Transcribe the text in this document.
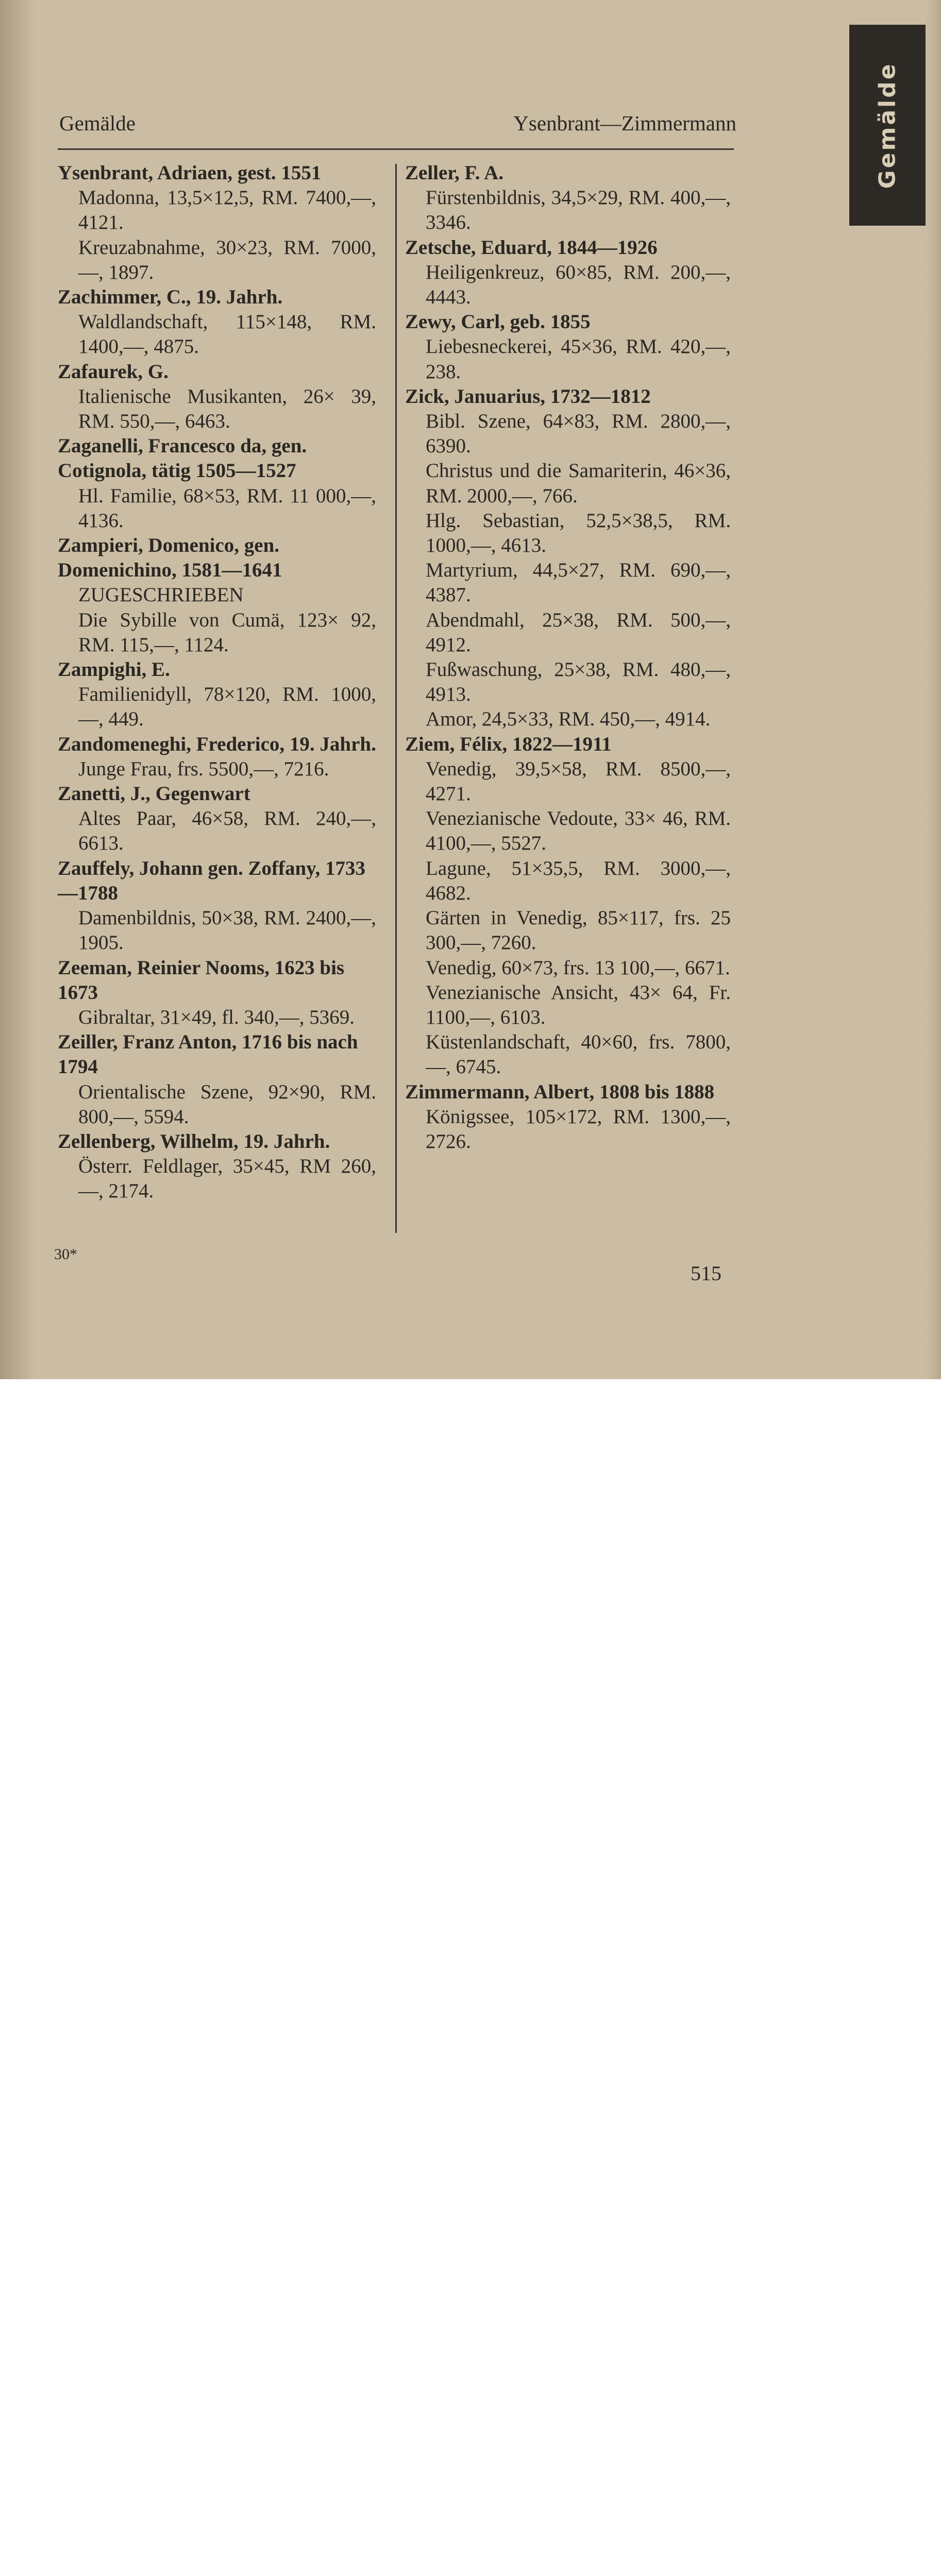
Gemälde
Gemälde	Ysenbrant—Zimmermann
Ysenbrant, Adriaen, gest. 1551
Madonna, 13,5×12,5, RM. 7400,—, 4121.
Kreuzabnahme, 30×23, RM. 7000,—, 1897.
Zachimmer, C., 19. Jahrh.
Waldlandschaft, 115×148, RM. 1400,—, 4875.
Zafaurek, G.
Italienische Musikanten, 26× 39, RM. 550,—, 6463.
Zaganelli, Francesco da, gen. Cotignola, tätig 1505—1527
Hl. Familie, 68×53, RM. 11 000,—, 4136.
Zampieri, Domenico, gen. Domenichino, 1581—1641
ZUGESCHRIEBEN
Die Sybille von Cumä, 123× 92, RM. 115,—, 1124.
Zampighi, E.
Familienidyll, 78×120, RM. 1000,—, 449.
Zandomeneghi, Frederico, 19. Jahrh.
Junge Frau, frs. 5500,—, 7216.
Zanetti, J., Gegenwart
Altes Paar, 46×58, RM. 240,—, 6613.
Zauffely, Johann gen. Zoffany, 1733—1788
Damenbildnis, 50×38, RM. 2400,—, 1905.
Zeeman, Reinier Nooms, 1623 bis 1673
Gibraltar, 31×49, fl. 340,—, 5369.
Zeiller, Franz Anton, 1716 bis nach 1794
Orientalische Szene, 92×90, RM. 800,—, 5594.
Zellenberg, Wilhelm, 19. Jahrh.
Österr. Feldlager, 35×45, RM 260,—, 2174.
Zeller, F. A.
Fürstenbildnis, 34,5×29, RM. 400,—, 3346.
Zetsche, Eduard, 1844—1926
Heiligenkreuz, 60×85, RM. 200,—, 4443.
Zewy, Carl, geb. 1855
Liebesneckerei, 45×36, RM. 420,—, 238.
Zick, Januarius, 1732—1812
Bibl. Szene, 64×83, RM. 2800,—, 6390.
Christus und die Samariterin, 46×36, RM. 2000,—, 766.
Hlg. Sebastian, 52,5×38,5, RM. 1000,—, 4613.
Martyrium, 44,5×27, RM. 690,—, 4387.
Abendmahl, 25×38, RM. 500,—, 4912.
Fußwaschung, 25×38, RM. 480,—, 4913.
Amor, 24,5×33, RM. 450,—, 4914.
Ziem, Félix, 1822—1911
Venedig, 39,5×58, RM. 8500,—, 4271.
Venezianische Vedoute, 33× 46, RM. 4100,—, 5527.
Lagune, 51×35,5, RM. 3000,—, 4682.
Gärten in Venedig, 85×117, frs. 25 300,—, 7260.
Venedig, 60×73, frs. 13 100,—, 6671.
Venezianische Ansicht, 43× 64, Fr. 1100,—, 6103.
Küstenlandschaft, 40×60, frs. 7800,—, 6745.
Zimmermann, Albert, 1808 bis 1888
Königssee, 105×172, RM. 1300,—, 2726.
30*
515
